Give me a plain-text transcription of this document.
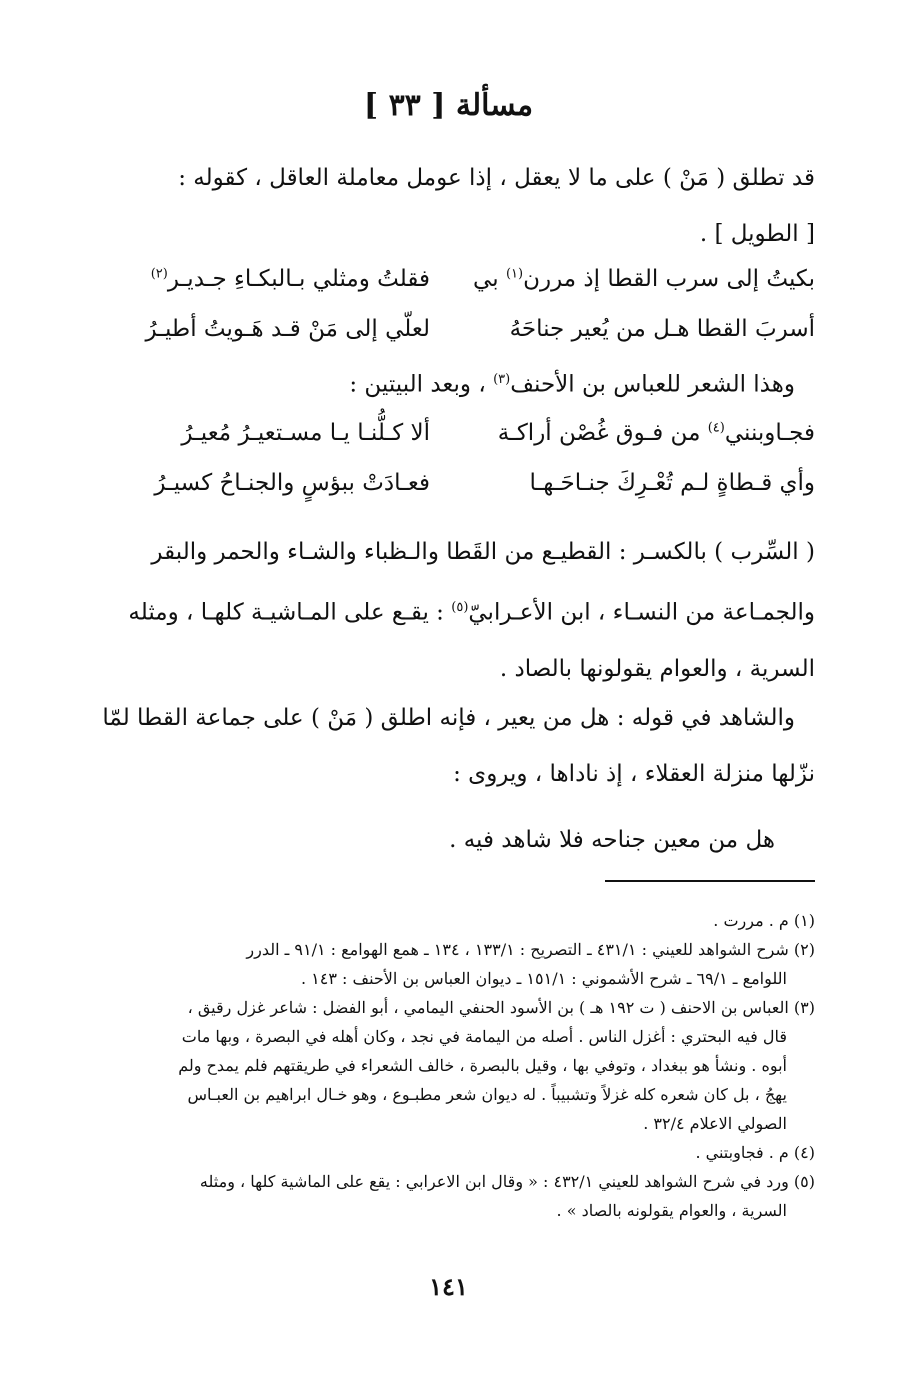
مسألة [ ٣٣ ]
قد تطلق ( مَنْ ) على ما لا يعقل ، إذا عومل معاملة العاقل ، كقوله :
[ الطويل ] .
بكيتُ إلى سرب القطا إذ مررن$^{(١)}$ بي
فقلتُ ومثلي بـالبكـاءِ جـديـر$^{(٢)}$
أسربَ القطا هـل من يُعير جناحَهُ
لعلّي إلى مَنْ قـد هَـويتُ أطيـرُ
وهذا الشعر للعباس بن الأحنف$^{(٣)}$ ، وبعد البيتين :
فجـاوبنني$^{(٤)}$ من فـوق غُصْن أراكـة
ألا كـلُّنـا يـا مسـتعيـرُ مُعيـرُ
وأي قـطاةٍ لـم تُعْـرِكَ جنـاحَـهـا
فعـادَتْ ببؤسٍ والجنـاحُ كسيـرُ
( السِّرب ) بالكسـر : القطيـع من القَطا والـظباء والشـاء والحمر والبقر
والجمـاعة من النسـاء ، ابن الأعـرابيّ$^{(٥)}$ : يقـع على المـاشيـة كلهـا ، ومثله
السرية ، والعوام يقولونها بالصاد .
والشاهد في قوله : هل من يعير ، فإنه اطلق ( مَنْ ) على جماعة القطا لمّا
نزّلها منزلة العقلاء ، إذ ناداها ، ويروى :
هل من معين جناحه فلا شاهد فيه .
(١) م . مررت .
(٢) شرح الشواهد للعيني : ٤٣١/١ ـ التصريح : ١٣٣/١ ، ١٣٤ ـ همع الهوامع : ٩١/١ ـ الدرر
اللوامع ـ ٦٩/١ ـ شرح الأشموني : ١٥١/١ ـ ديوان العباس بن الأحنف : ١٤٣ .
(٣) العباس بن الاحنف ( ت ١٩٢ هـ ) بن الأسود الحنفي اليمامي ، أبو الفضل : شاعر غزل رقيق ،
قال فيه البحتري : أغزل الناس . أصله من اليمامة في نجد ، وكان أهله في البصرة ، وبها مات
أبوه . ونشأ هو ببغداد ، وتوفي بها ، وقيل بالبصرة ، خالف الشعراء في طريقتهم فلم يمدح ولم
يهجُ ، بل كان شعره كله غزلاً وتشبيباً . له ديوان شعر مطبـوع ، وهو خـال ابراهيم بن العبـاس
الصولي الاعلام ٣٢/٤ .
(٤) م . فجاوبتني .
(٥) ورد في شرح الشواهد للعيني ٤٣٢/١ : « وقال ابن الاعرابي : يقع على الماشية كلها ، ومثله
السرية ، والعوام يقولونه بالصاد » .
١٤١
